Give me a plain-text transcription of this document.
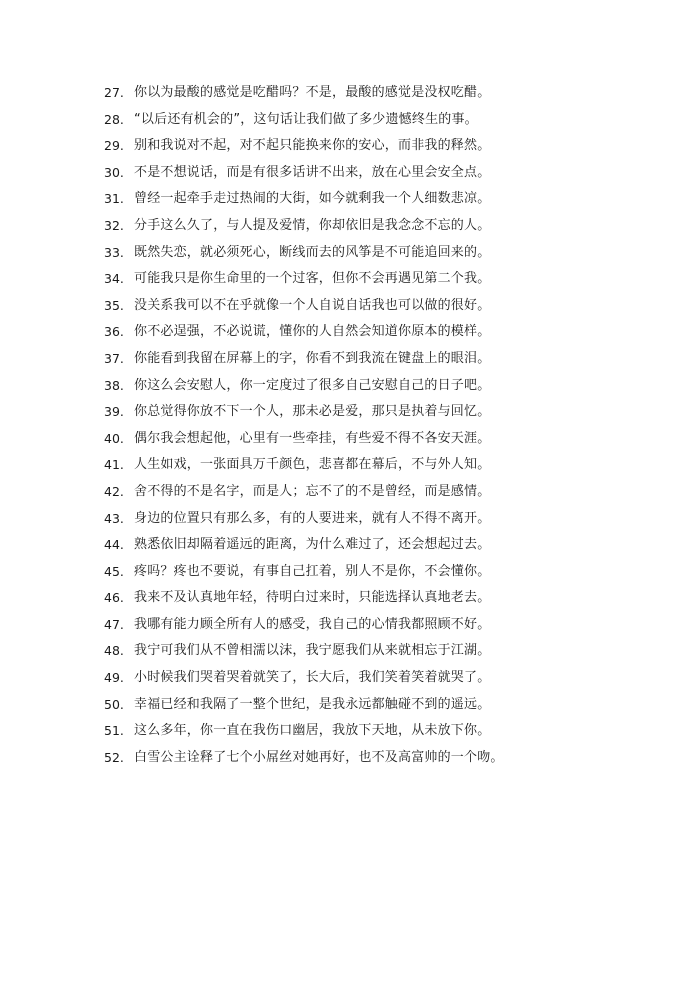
27. 你以为最酸的感觉是吃醋吗？不是，最酸的感觉是没权吃醋。
28. “以后还有机会的”，这句话让我们做了多少遗憾终生的事。
29. 别和我说对不起，对不起只能换来你的安心，而非我的释然。
30. 不是不想说话，而是有很多话讲不出来，放在心里会安全点。
31. 曾经一起牵手走过热闹的大街，如今就剩我一个人细数悲凉。
32. 分手这么久了，与人提及爱情，你却依旧是我念念不忘的人。
33. 既然失恋，就必须死心，断线而去的风筝是不可能追回来的。
34. 可能我只是你生命里的一个过客，但你不会再遇见第二个我。
35. 没关系我可以不在乎就像一个人自说自话我也可以做的很好。
36. 你不必逞强，不必说谎，懂你的人自然会知道你原本的模样。
37. 你能看到我留在屏幕上的字，你看不到我流在键盘上的眼泪。
38. 你这么会安慰人，你一定度过了很多自己安慰自己的日子吧。
39. 你总觉得你放不下一个人，那未必是爱，那只是执着与回忆。
40. 偶尔我会想起他，心里有一些牵挂，有些爱不得不各安天涯。
41. 人生如戏，一张面具万千颜色，悲喜都在幕后，不与外人知。
42. 舍不得的不是名字，而是人；忘不了的不是曾经，而是感情。
43. 身边的位置只有那么多，有的人要进来，就有人不得不离开。
44. 熟悉依旧却隔着遥远的距离，为什么难过了，还会想起过去。
45. 疼吗？疼也不要说，有事自己扛着，别人不是你，不会懂你。
46. 我来不及认真地年轻，待明白过来时，只能选择认真地老去。
47. 我哪有能力顾全所有人的感受，我自己的心情我都照顾不好。
48. 我宁可我们从不曾相濡以沫，我宁愿我们从来就相忘于江湖。
49. 小时候我们哭着哭着就笑了，长大后，我们笑着笑着就哭了。
50. 幸福已经和我隔了一整个世纪，是我永远都触碰不到的遥远。
51. 这么多年，你一直在我伤口幽居，我放下天地，从未放下你。
52. 白雪公主诠释了七个小屌丝对她再好，也不及高富帅的一个吻。
